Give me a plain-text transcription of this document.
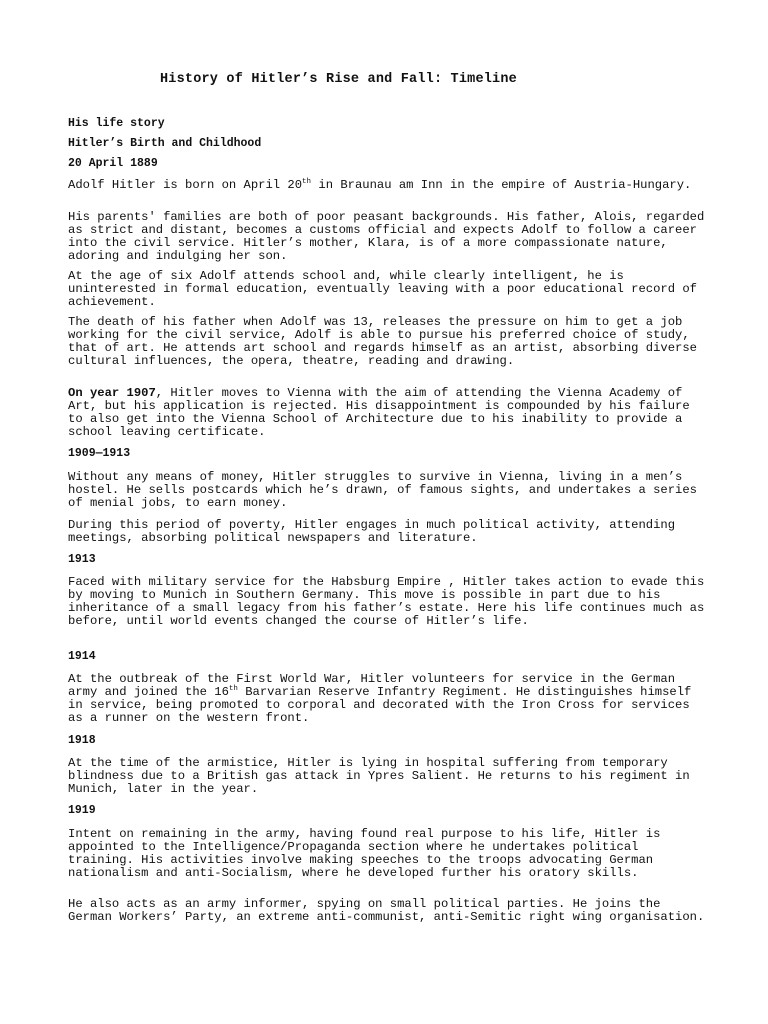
History of Hitler’s Rise and Fall: Timeline
His life story
Hitler’s Birth and Childhood
20 April 1889

Adolf Hitler is born on April 20th in Braunau am Inn in the empire of Austria-Hungary.

His parents' families are both of poor peasant backgrounds. His father, Alois, regarded as strict and distant, becomes a customs official and expects Adolf to follow a career into the civil service. Hitler’s mother, Klara, is of a more compassionate nature, adoring and indulging her son.

At the age of six Adolf attends school and, while clearly intelligent, he is uninterested in formal education, eventually leaving with a poor educational record of achievement.

The death of his father when Adolf was 13, releases the pressure on him to get a job working for the civil service, Adolf is able to pursue his preferred choice of study, that of art. He attends art school and regards himself as an artist, absorbing diverse cultural influences, the opera, theatre, reading and drawing.

On year 1907, Hitler moves to Vienna with the aim of attending the Vienna Academy of Art, but his application is rejected. His disappointment is compounded by his failure to also get into the Vienna School of Architecture due to his inability to provide a school leaving certificate.

1909—1913

Without any means of money, Hitler struggles to survive in Vienna, living in a men’s hostel. He sells postcards which he’s drawn, of famous sights, and undertakes a series of menial jobs, to earn money.

During this period of poverty, Hitler engages in much political activity, attending meetings, absorbing political newspapers and literature.

1913

Faced with military service for the Habsburg Empire , Hitler takes action to evade this by moving to Munich in Southern Germany. This move is possible in part due to his inheritance of a small legacy from his father’s estate. Here his life continues much as before, until world events changed the course of Hitler’s life.

1914

At the outbreak of the First World War, Hitler volunteers for service in the German army and joined the 16th Barvarian Reserve Infantry Regiment. He distinguishes himself in service, being promoted to corporal and decorated with the Iron Cross for services as a runner on the western front.

1918

At the time of the armistice, Hitler is lying in hospital suffering from temporary blindness due to a British gas attack in Ypres Salient. He returns to his regiment in Munich, later in the year.

1919

Intent on remaining in the army, having found real purpose to his life, Hitler is appointed to the Intelligence/Propaganda section where he undertakes political training. His activities involve making speeches to the troops advocating German nationalism and anti-Socialism, where he developed further his oratory skills.

He also acts as an army informer, spying on small political parties. He joins the German Workers’ Party, an extreme anti-communist, anti-Semitic right wing organisation.
